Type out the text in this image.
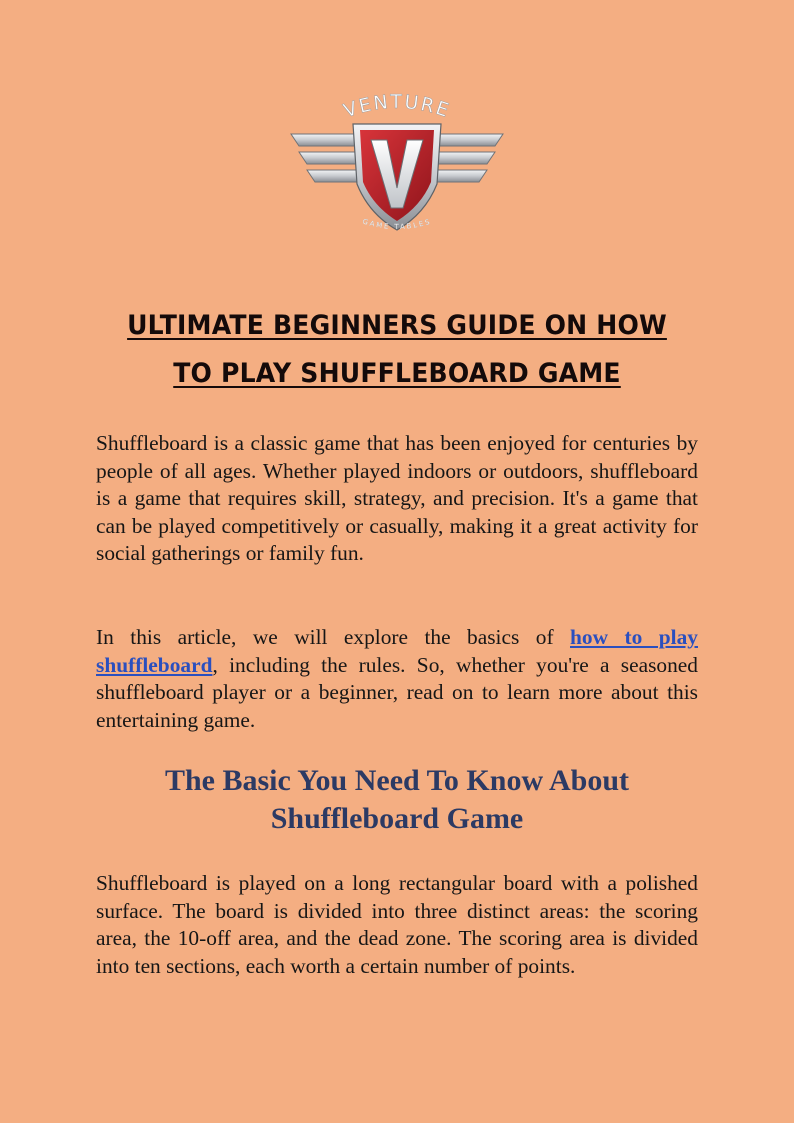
VENTURE
GAME TABLES
ULTIMATE BEGINNERS GUIDE ON HOW
TO PLAY SHUFFLEBOARD GAME

Shuffleboard is a classic game that has been enjoyed for centuries by people of all ages. Whether played indoors or outdoors, shuffleboard is a game that requires skill, strategy, and precision. It's a game that can be played competitively or casually, making it a great activity for social gatherings or family fun.

In this article, we will explore the basics of how to play shuffleboard, including the rules. So, whether you're a seasoned shuffleboard player or a beginner, read on to learn more about this entertaining game.

The Basic You Need To Know About
Shuffleboard Game

Shuffleboard is played on a long rectangular board with a polished surface. The board is divided into three distinct areas: the scoring area, the 10-off area, and the dead zone. The scoring area is divided into ten sections, each worth a certain number of points.
